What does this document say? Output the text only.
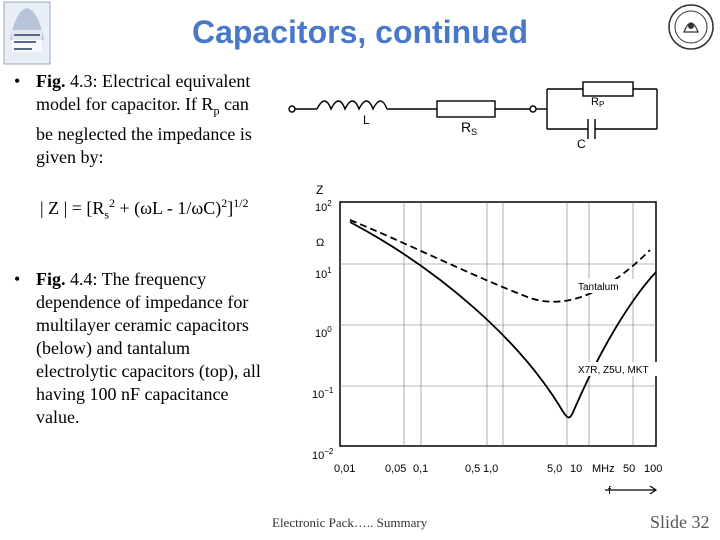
Capacitors, continued
• Fig. 4.3: Electrical equivalent
model for capacitor. If $R_p$ can
be neglected the impedance is
given by:
| Z | = $[R_s^2 + (\omega L - 1/\omega C)^2]^{1/2}$
• Fig. 4.4: The frequency
dependence of impedance for
multilayer ceramic capacitors
(below) and tantalum
electrolytic capacitors (top), all
having 100 nF capacitance
value.
L	$R_S$
RP
C
Z
Ω
$10^2$
$10^1$
$10^0$
$10^{-1}$
$10^{-2}$
Tantalum
X7R, Z5U, MKT
0,01	0,05 0,1	0,5 1,0	5,0 10 MHz 50 100
f
Electronic Pack….. Summary	Slide 32
